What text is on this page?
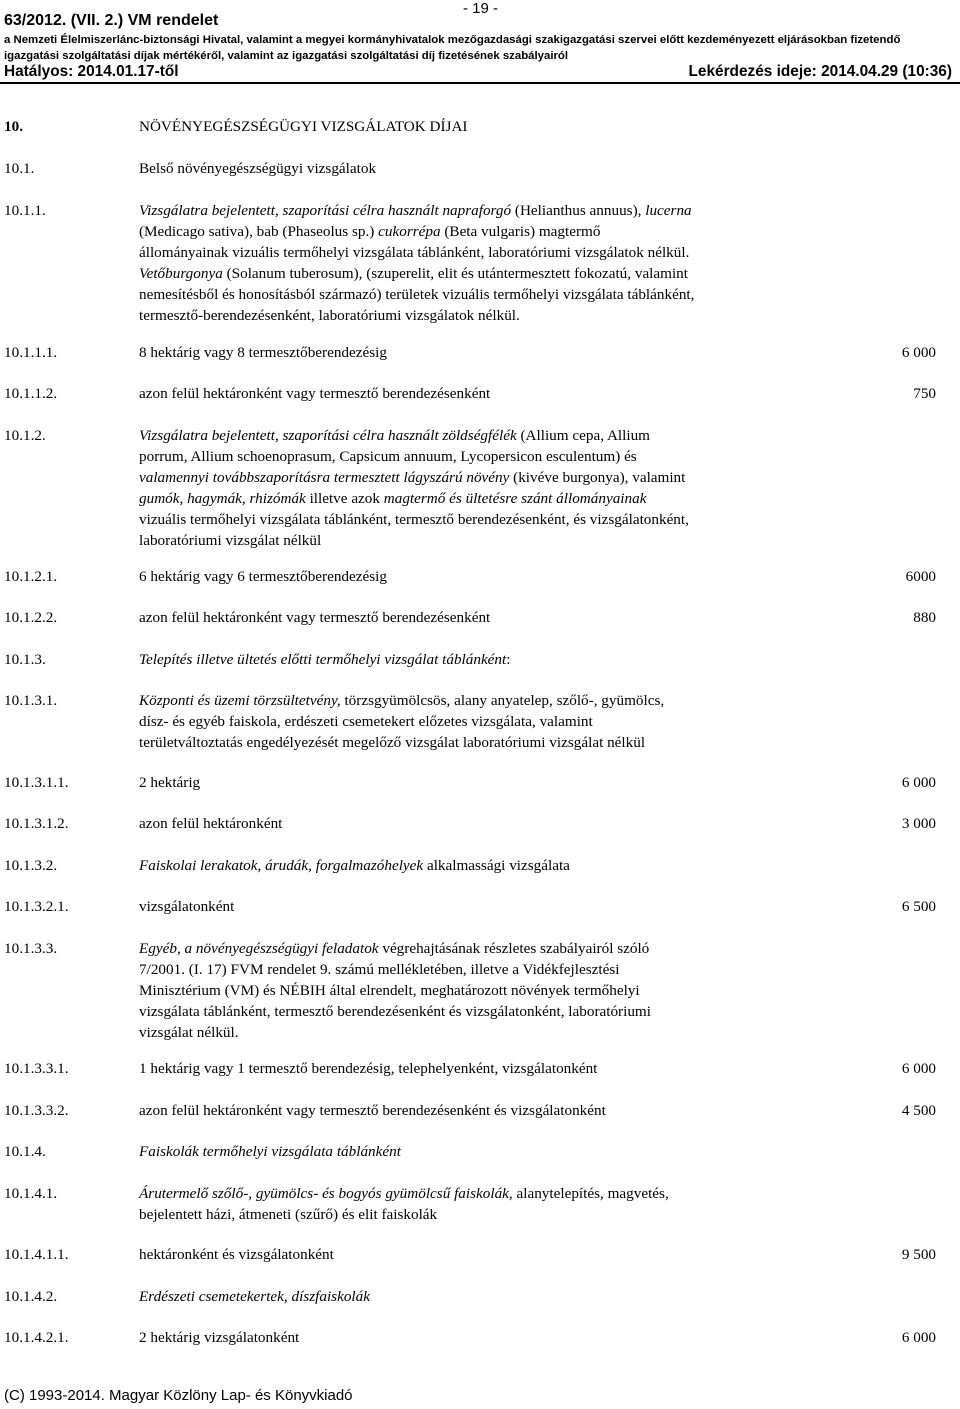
- 19 -
63/2012. (VII. 2.) VM rendelet
a Nemzeti Élelmiszerlánc-biztonsági Hivatal, valamint a megyei kormányhivatalok mezőgazdasági szakigazgatási szervei előtt kezdeményezett eljárásokban fizetendő
igazgatási szolgáltatási díjak mértékéről, valamint az igazgatási szolgáltatási díj fizetésének szabályairól
Hatályos: 2014.01.17-től	Lekérdezés ideje: 2014.04.29 (10:36)
10.	NÖVÉNYEGÉSZSÉGÜGYI VIZSGÁLATOK DÍJAI
10.1.	Belső növényegészségügyi vizsgálatok
10.1.1.	Vizsgálatra bejelentett, szaporítási célra használt napraforgó (Helianthus annuus), lucerna
(Medicago sativa), bab (Phaseolus sp.) cukorrépa (Beta vulgaris) magtermő
állományainak vizuális termőhelyi vizsgálata táblánként, laboratóriumi vizsgálatok nélkül.
Vetőburgonya (Solanum tuberosum), (szuperelit, elit és utántermesztett fokozatú, valamint
nemesítésből és honosításból származó) területek vizuális termőhelyi vizsgálata táblánként,
termesztő-berendezésenként, laboratóriumi vizsgálatok nélkül.
10.1.1.1.	8 hektárig vagy 8 termesztőberendezésig	6 000
10.1.1.2.	azon felül hektáronként vagy termesztő berendezésenként	750
10.1.2.	Vizsgálatra bejelentett, szaporítási célra használt zöldségfélék (Allium cepa, Allium
porrum, Allium schoenoprasum, Capsicum annuum, Lycopersicon esculentum) és
valamennyi továbbszaporításra termesztett lágyszárú növény (kivéve burgonya), valamint
gumók, hagymák, rhizómák illetve azok magtermő és ültetésre szánt állományainak
vizuális termőhelyi vizsgálata táblánként, termesztő berendezésenként, és vizsgálatonként,
laboratóriumi vizsgálat nélkül
10.1.2.1.	6 hektárig vagy 6 termesztőberendezésig	6000
10.1.2.2.	azon felül hektáronként vagy termesztő berendezésenként	880
10.1.3.	Telepítés illetve ültetés előtti termőhelyi vizsgálat táblánként:
10.1.3.1.	Központi és üzemi törzsültetvény, törzsgyümölcsös, alany anyatelep, szőlő-, gyümölcs,
dísz- és egyéb faiskola, erdészeti csemetekert előzetes vizsgálata, valamint
területváltoztatás engedélyezését megelőző vizsgálat laboratóriumi vizsgálat nélkül
10.1.3.1.1.	2 hektárig	6 000
10.1.3.1.2.	azon felül hektáronként	3 000
10.1.3.2.	Faiskolai lerakatok, árudák, forgalmazóhelyek alkalmassági vizsgálata
10.1.3.2.1.	vizsgálatonként	6 500
10.1.3.3.	Egyéb, a növényegészségügyi feladatok végrehajtásának részletes szabályairól szóló
7/2001. (I. 17) FVM rendelet 9. számú mellékletében, illetve a Vidékfejlesztési
Minisztérium (VM) és NÉBIH által elrendelt, meghatározott növények termőhelyi
vizsgálata táblánként, termesztő berendezésenként és vizsgálatonként, laboratóriumi
vizsgálat nélkül.
10.1.3.3.1.	1 hektárig vagy 1 termesztő berendezésig, telephelyenként, vizsgálatonként	6 000
10.1.3.3.2.	azon felül hektáronként vagy termesztő berendezésenként és vizsgálatonként	4 500
10.1.4.	Faiskolák termőhelyi vizsgálata táblánként
10.1.4.1.	Árutermelő szőlő-, gyümölcs- és bogyós gyümölcsű faiskolák, alanytelepítés, magvetés,
bejelentett házi, átmeneti (szűrő) és elit faiskolák
10.1.4.1.1.	hektáronként és vizsgálatonként	9 500
10.1.4.2.	Erdészeti csemetekertek, díszfaiskolák
10.1.4.2.1.	2 hektárig vizsgálatonként	6 000
(C) 1993-2014. Magyar Közlöny Lap- és Könyvkiadó
